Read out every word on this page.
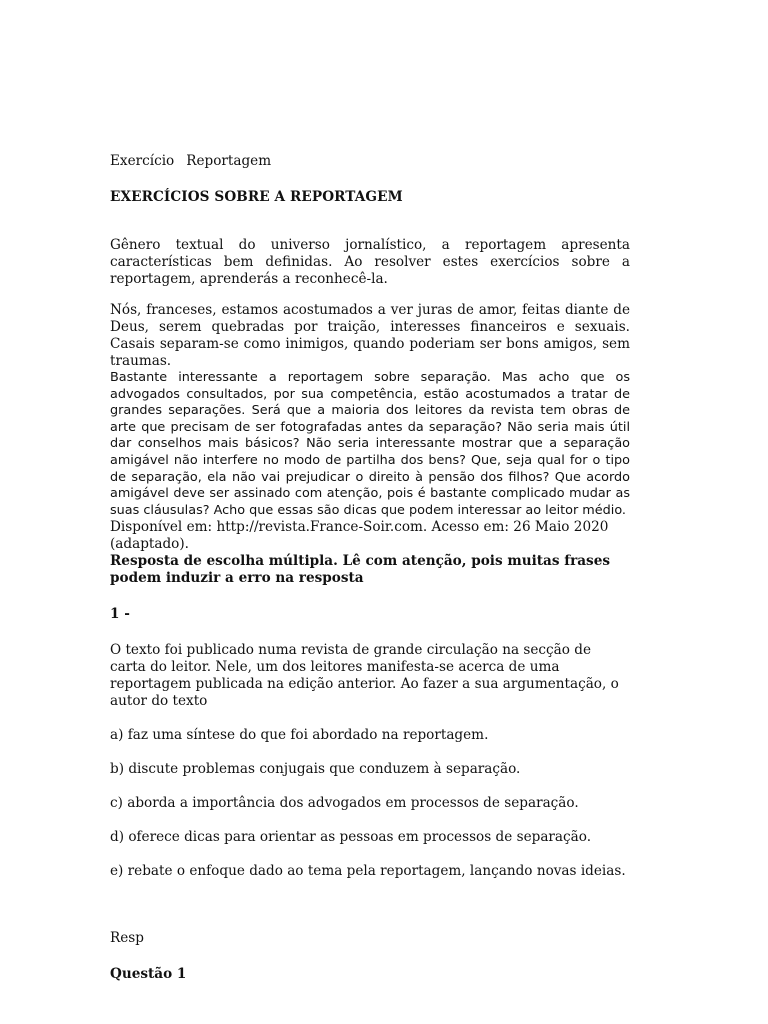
Exercício Reportagem

EXERCÍCIOS SOBRE A REPORTAGEM

Gênero textual do universo jornalístico, a reportagem apresenta características bem definidas. Ao resolver estes exercícios sobre a reportagem, aprenderás a reconhecê-la.

Nós, franceses, estamos acostumados a ver juras de amor, feitas diante de Deus, serem quebradas por traição, interesses financeiros e sexuais. Casais separam-se como inimigos, quando poderiam ser bons amigos, sem traumas.

Bastante interessante a reportagem sobre separação. Mas acho que os advogados consultados, por sua competência, estão acostumados a tratar de grandes separações. Será que a maioria dos leitores da revista tem obras de arte que precisam de ser fotografadas antes da separação? Não seria mais útil dar conselhos mais básicos? Não seria interessante mostrar que a separação amigável não interfere no modo de partilha dos bens? Que, seja qual for o tipo de separação, ela não vai prejudicar o direito à pensão dos filhos? Que acordo amigável deve ser assinado com atenção, pois é bastante complicado mudar as suas cláusulas? Acho que essas são dicas que podem interessar ao leitor médio.

Disponível em: http://revista.France-Soir.com. Acesso em: 26 Maio 2020 (adaptado).

Resposta de escolha múltipla. Lê com atenção, pois muitas frases podem induzir a erro na resposta

1 -

O texto foi publicado numa revista de grande circulação na secção de carta do leitor. Nele, um dos leitores manifesta-se acerca de uma reportagem publicada na edição anterior. Ao fazer a sua argumentação, o autor do texto

a) faz uma síntese do que foi abordado na reportagem.

b) discute problemas conjugais que conduzem à separação.

c) aborda a importância dos advogados em processos de separação.

d) oferece dicas para orientar as pessoas em processos de separação.

e) rebate o enfoque dado ao tema pela reportagem, lançando novas ideias.

Resp

Questão 1
